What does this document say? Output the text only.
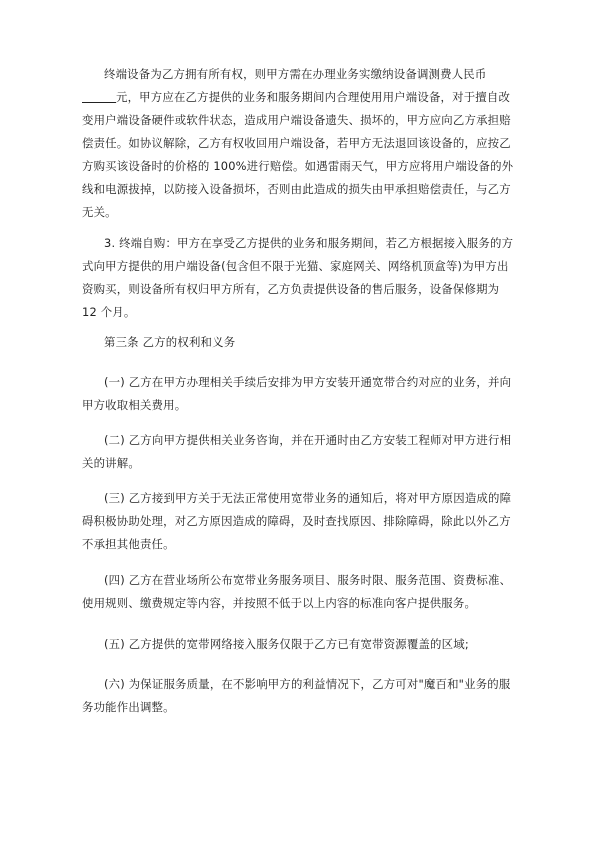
终端设备为乙方拥有所有权，则甲方需在办理业务实缴纳设备调测费人民币
元，甲方应在乙方提供的业务和服务期间内合理使用用户端设备，对于擅自改
变用户端设备硬件或软件状态，造成用户端设备遗失、损坏的，甲方应向乙方承担赔
偿责任。如协议解除，乙方有权收回用户端设备，若甲方无法退回该设备的，应按乙
方购买该设备时的价格的 100%进行赔偿。如遇雷雨天气，甲方应将用户端设备的外
线和电源拔掉，以防接入设备损坏，否则由此造成的损失由甲承担赔偿责任，与乙方
无关。
3. 终端自购：甲方在享受乙方提供的业务和服务期间，若乙方根据接入服务的方
式向甲方提供的用户端设备(包含但不限于光猫、家庭网关、网络机顶盒等)为甲方出
资购买，则设备所有权归甲方所有，乙方负责提供设备的售后服务，设备保修期为
12 个月。
第三条 乙方的权利和义务
(一) 乙方在甲方办理相关手续后安排为甲方安装开通宽带合约对应的业务，并向
甲方收取相关费用。
(二) 乙方向甲方提供相关业务咨询，并在开通时由乙方安装工程师对甲方进行相
关的讲解。
(三) 乙方接到甲方关于无法正常使用宽带业务的通知后，将对甲方原因造成的障
碍积极协助处理，对乙方原因造成的障碍，及时查找原因、排除障碍，除此以外乙方
不承担其他责任。
(四) 乙方在营业场所公布宽带业务服务项目、服务时限、服务范围、资费标准、
使用规则、缴费规定等内容，并按照不低于以上内容的标准向客户提供服务。
(五) 乙方提供的宽带网络接入服务仅限于乙方已有宽带资源覆盖的区域;
(六) 为保证服务质量，在不影响甲方的利益情况下，乙方可对"魔百和"业务的服
务功能作出调整。
